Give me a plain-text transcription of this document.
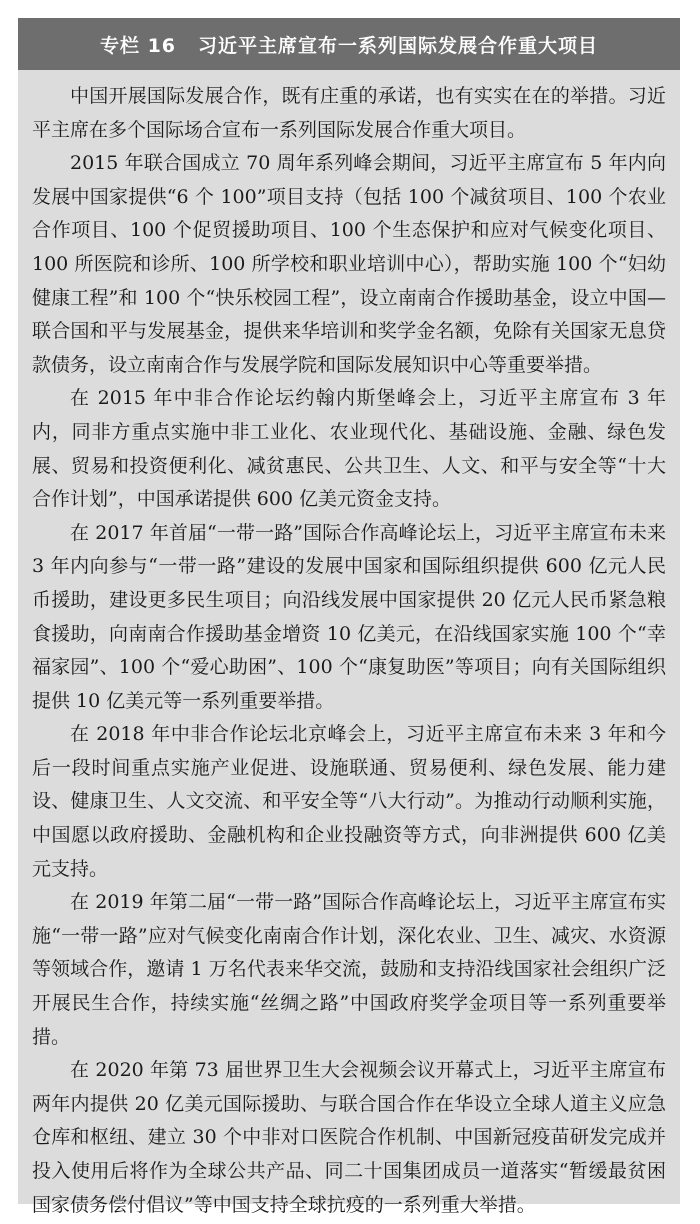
专栏 16 习近平主席宣布一系列国际发展合作重大项目

中国开展国际发展合作，既有庄重的承诺，也有实实在在的举措。习近平主席在多个国际场合宣布一系列国际发展合作重大项目。

2015 年联合国成立 70 周年系列峰会期间，习近平主席宣布 5 年内向发展中国家提供“6 个 100”项目支持（包括 100 个减贫项目、100 个农业合作项目、100 个促贸援助项目、100 个生态保护和应对气候变化项目、100 所医院和诊所、100 所学校和职业培训中心），帮助实施 100 个“妇幼健康工程”和 100 个“快乐校园工程”，设立南南合作援助基金，设立中国—联合国和平与发展基金，提供来华培训和奖学金名额，免除有关国家无息贷款债务，设立南南合作与发展学院和国际发展知识中心等重要举措。

在 2015 年中非合作论坛约翰内斯堡峰会上，习近平主席宣布 3 年内，同非方重点实施中非工业化、农业现代化、基础设施、金融、绿色发展、贸易和投资便利化、减贫惠民、公共卫生、人文、和平与安全等“十大合作计划”，中国承诺提供 600 亿美元资金支持。

在 2017 年首届“一带一路”国际合作高峰论坛上，习近平主席宣布未来 3 年内向参与“一带一路”建设的发展中国家和国际组织提供 600 亿元人民币援助，建设更多民生项目；向沿线发展中国家提供 20 亿元人民币紧急粮食援助，向南南合作援助基金增资 10 亿美元，在沿线国家实施 100 个“幸福家园”、100 个“爱心助困”、100 个“康复助医”等项目；向有关国际组织提供 10 亿美元等一系列重要举措。

在 2018 年中非合作论坛北京峰会上，习近平主席宣布未来 3 年和今后一段时间重点实施产业促进、设施联通、贸易便利、绿色发展、能力建设、健康卫生、人文交流、和平安全等“八大行动”。为推动行动顺利实施，中国愿以政府援助、金融机构和企业投融资等方式，向非洲提供 600 亿美元支持。

在 2019 年第二届“一带一路”国际合作高峰论坛上，习近平主席宣布实施“一带一路”应对气候变化南南合作计划，深化农业、卫生、减灾、水资源等领域合作，邀请 1 万名代表来华交流，鼓励和支持沿线国家社会组织广泛开展民生合作，持续实施“丝绸之路”中国政府奖学金项目等一系列重要举措。

在 2020 年第 73 届世界卫生大会视频会议开幕式上，习近平主席宣布两年内提供 20 亿美元国际援助、与联合国合作在华设立全球人道主义应急仓库和枢纽、建立 30 个中非对口医院合作机制、中国新冠疫苗研发完成并投入使用后将作为全球公共产品、同二十国集团成员一道落实“暂缓最贫困国家债务偿付倡议”等中国支持全球抗疫的一系列重大举措。
